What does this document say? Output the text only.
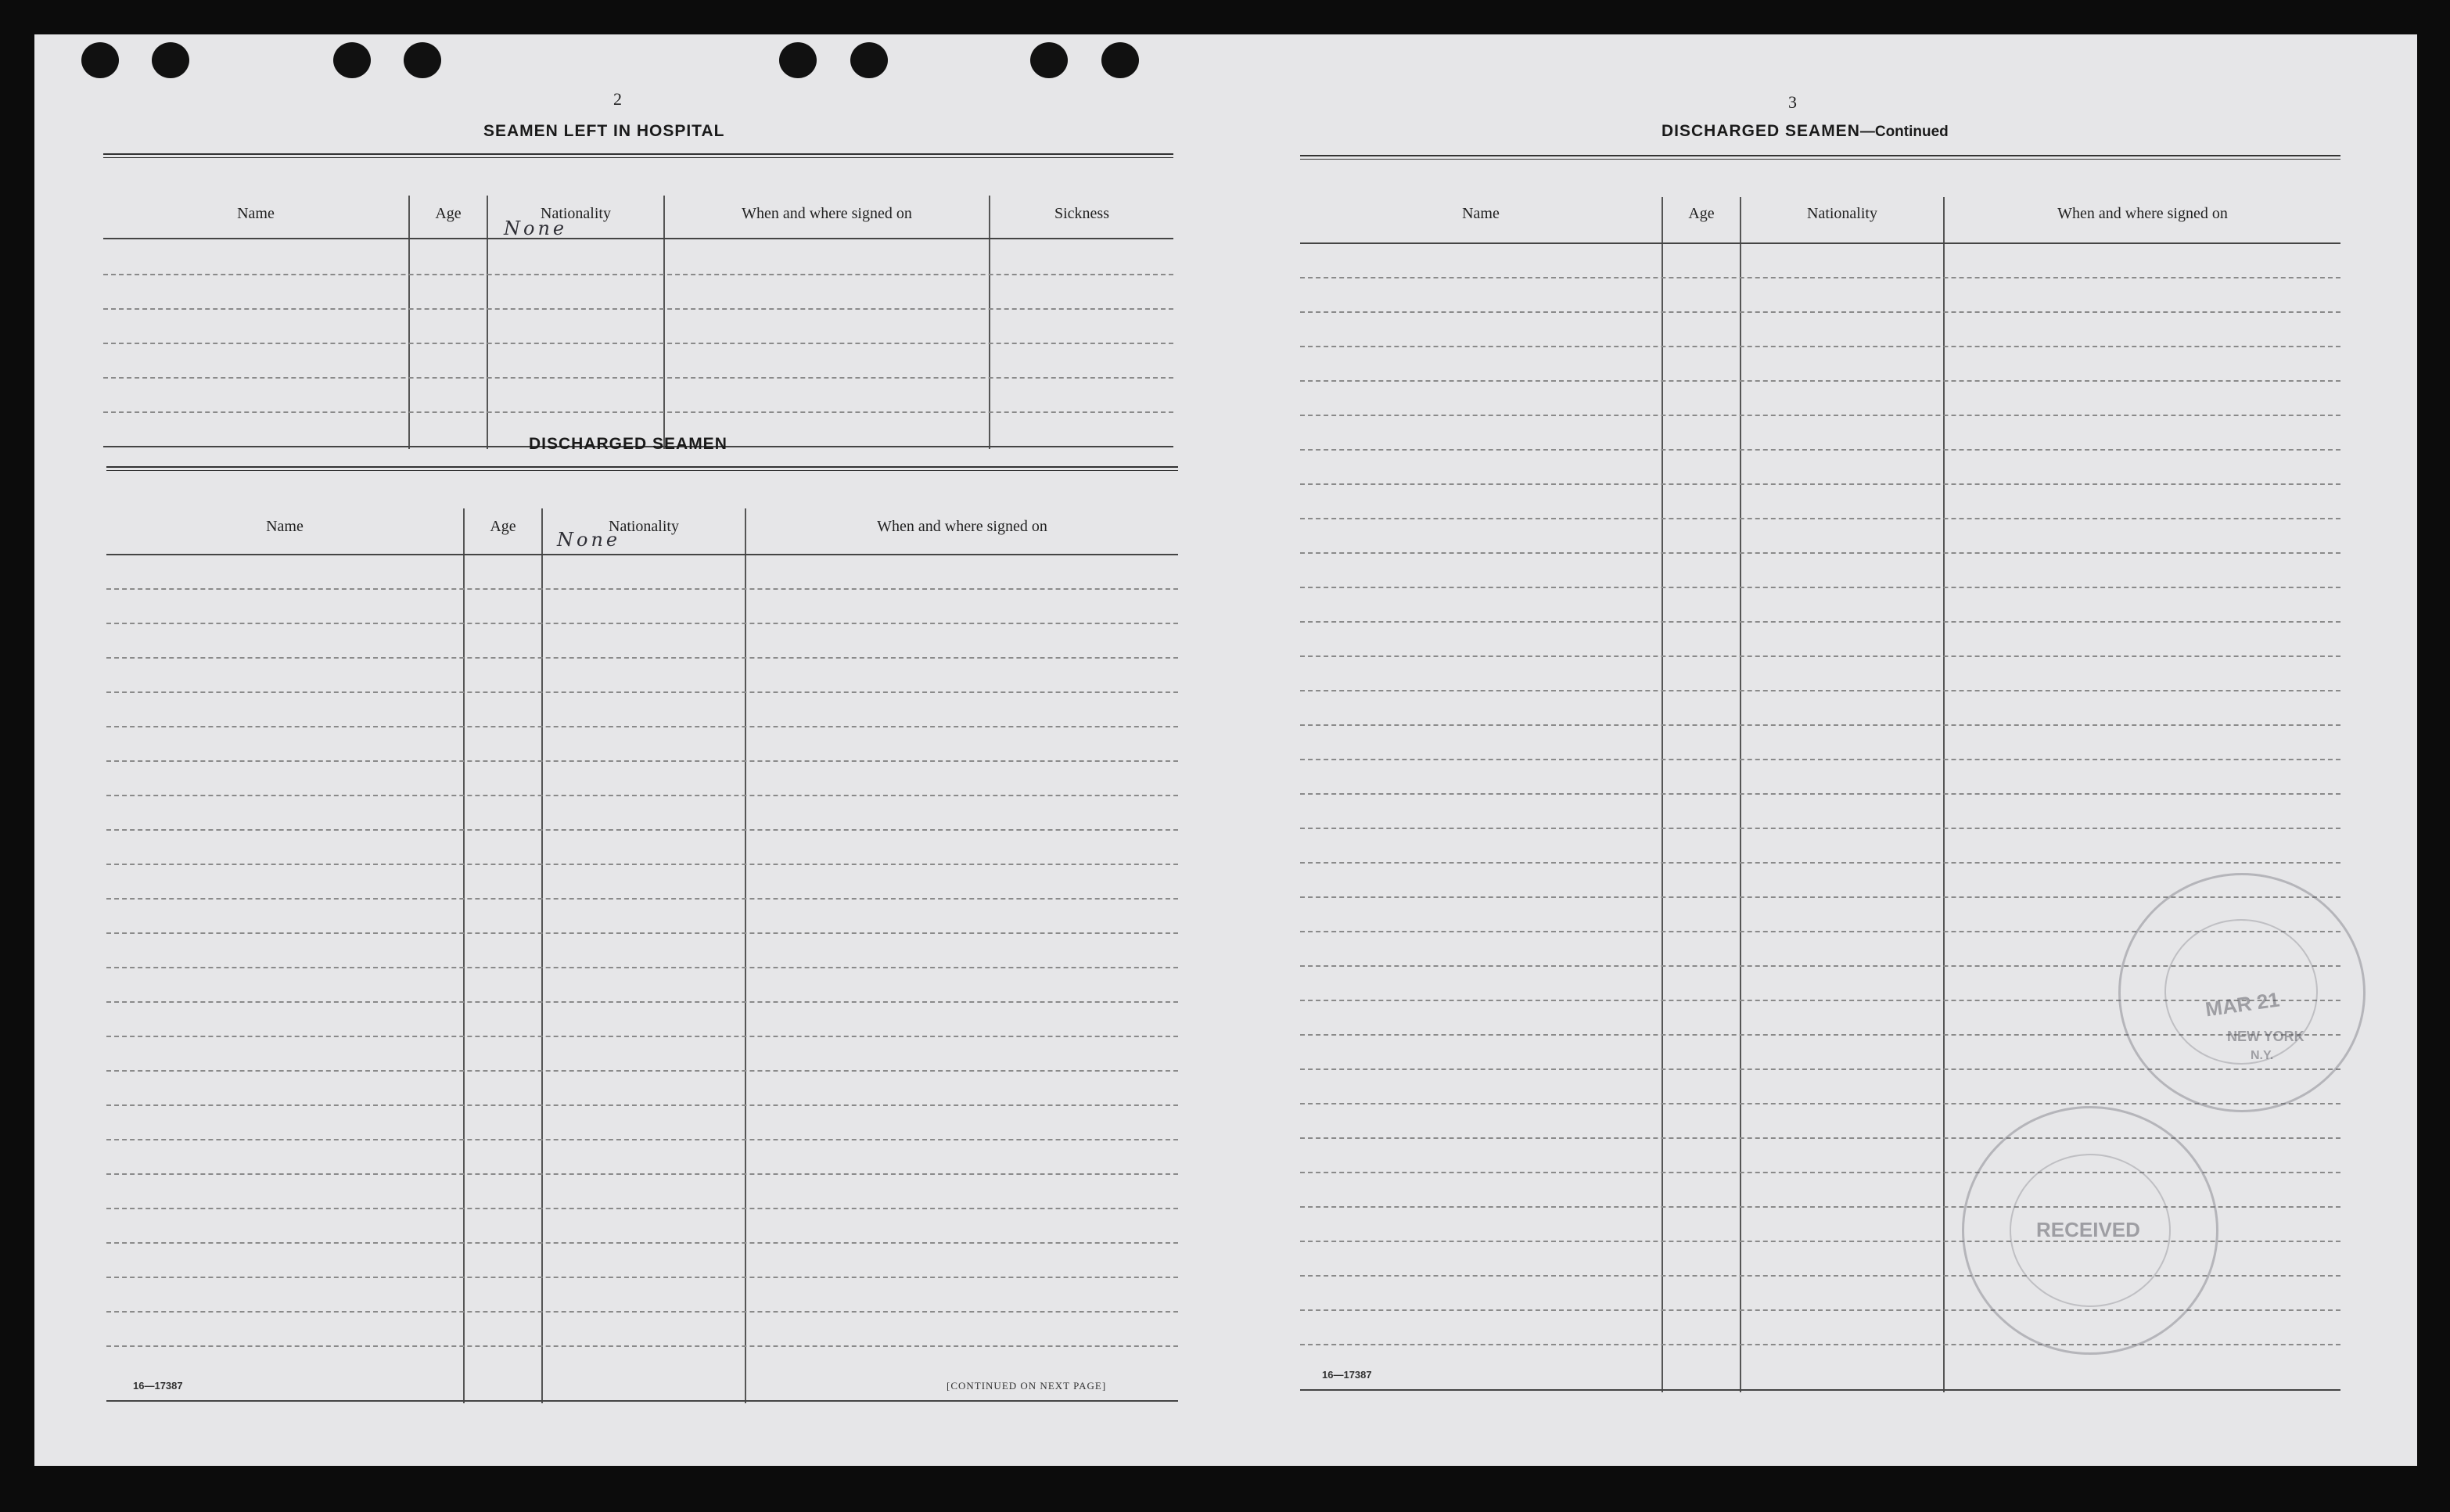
2
SEAMEN LEFT IN HOSPITAL
Name	Age	Nationality	When and where signed on	Sickness
None
DISCHARGED SEAMEN
Name	Age	Nationality	When and where signed on
None
16—17387	[CONTINUED ON NEXT PAGE]
3
DISCHARGED SEAMEN—Continued
Name	Age	Nationality	When and where signed on
16—17387
MAR 21
NEW YORK
N.Y.
RECEIVED
